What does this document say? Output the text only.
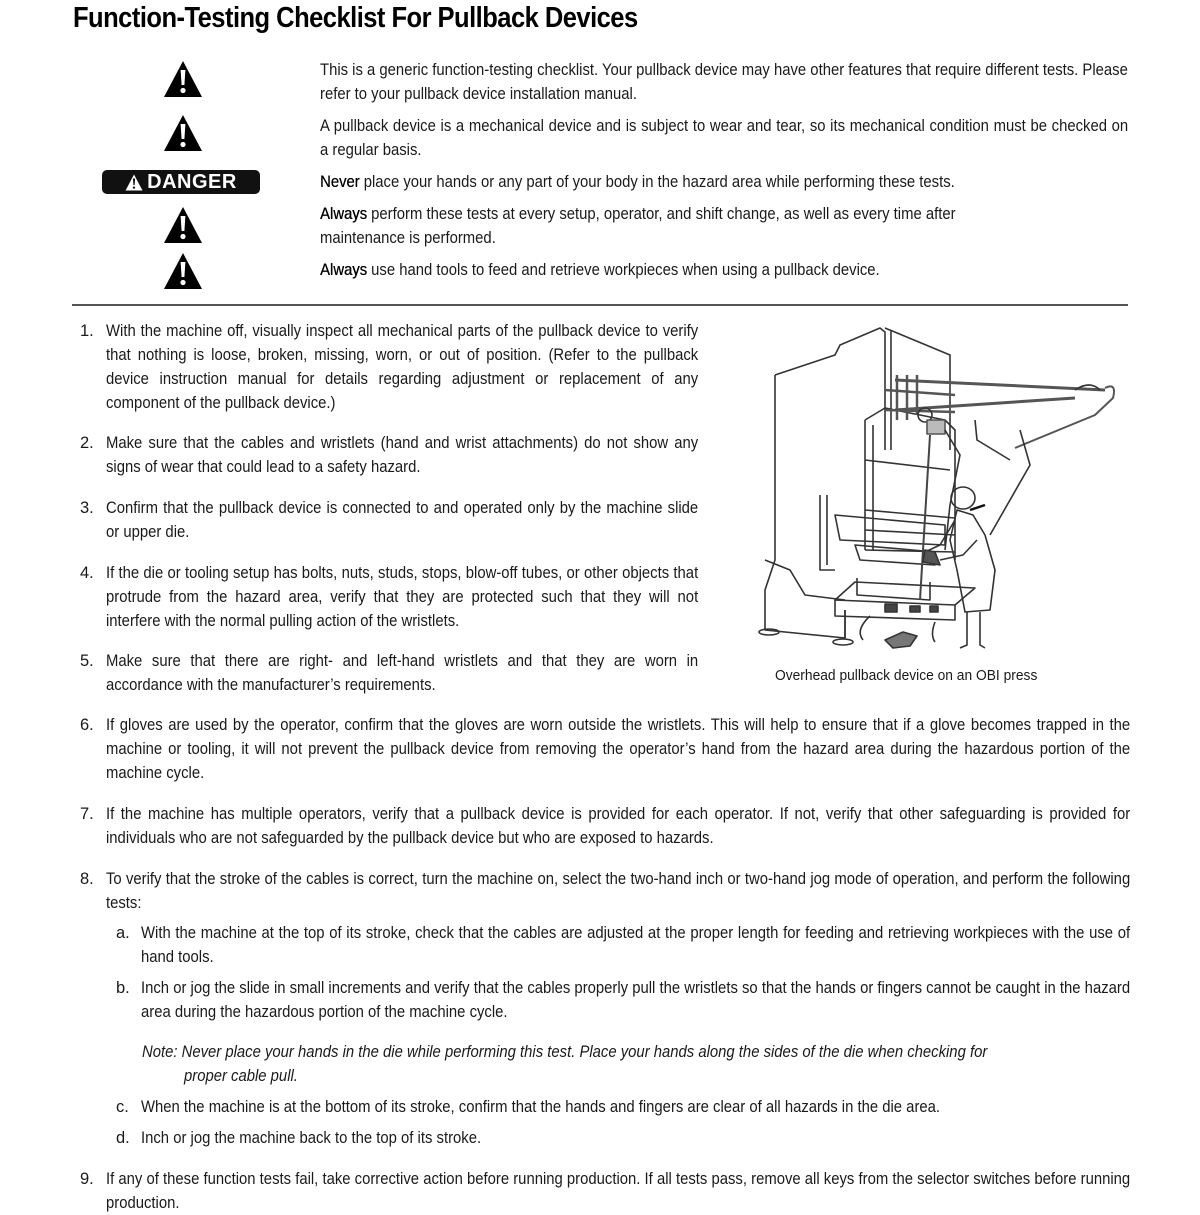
Function-Testing Checklist For Pullback Devices
DANGER

This is a generic function-testing checklist. Your pullback device may have other features that require different tests. Please refer to your pullback device installation manual.

A pullback device is a mechanical device and is subject to wear and tear, so its mechanical condition must be checked on a regular basis.

Never place your hands or any part of your body in the hazard area while performing these tests.

Always perform these tests at every setup, operator, and shift change, as well as every time after maintenance is performed.

Always use hand tools to feed and retrieve workpieces when using a pullback device.

1. With the machine off, visually inspect all mechanical parts of the pullback device to verify that nothing is loose, broken, missing, worn, or out of position. (Refer to the pullback device instruction manual for details regarding adjustment or replacement of any component of the pullback device.)
2. Make sure that the cables and wristlets (hand and wrist attachments) do not show any signs of wear that could lead to a safety hazard.
3. Confirm that the pullback device is connected to and operated only by the machine slide or upper die.
4. If the die or tooling setup has bolts, nuts, studs, stops, blow-off tubes, or other objects that protrude from the hazard area, verify that they are protected such that they will not interfere with the normal pulling action of the wristlets.
5. Make sure that there are right- and left-hand wristlets and that they are worn in accordance with the manufacturer’s requirements.
6. If gloves are used by the operator, confirm that the gloves are worn outside the wristlets. This will help to ensure that if a glove becomes trapped in the machine or tooling, it will not prevent the pullback device from removing the operator’s hand from the hazard area during the hazardous portion of the machine cycle.
7. If the machine has multiple operators, verify that a pullback device is provided for each operator. If not, verify that other safeguarding is provided for individuals who are not safeguarded by the pullback device but who are exposed to hazards.
8. To verify that the stroke of the cables is correct, turn the machine on, select the two-hand inch or two-hand jog mode of operation, and perform the following tests:
a. With the machine at the top of its stroke, check that the cables are adjusted at the proper length for feeding and retrieving workpieces with the use of hand tools.
b. Inch or jog the slide in small increments and verify that the cables properly pull the wristlets so that the hands or fingers cannot be caught in the hazard area during the hazardous portion of the machine cycle.
Note: Never place your hands in the die while performing this test. Place your hands along the sides of the die when checking for
proper cable pull.
c. When the machine is at the bottom of its stroke, confirm that the hands and fingers are clear of all hazards in the die area.
d. Inch or jog the machine back to the top of its stroke.
9. If any of these function tests fail, take corrective action before running production. If all tests pass, remove all keys from the selector switches before running production.
Overhead pullback device on an OBI press
